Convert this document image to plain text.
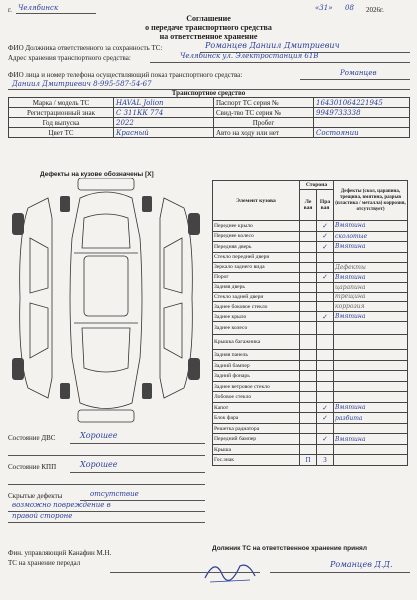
г. Челябинск	«31» 08 2026г.
Соглашение
о передаче транспортного средства
на ответственное хранение
ФИО Должника ответственного за сохранность ТС:	Романцев Даниил Дмитриевич
Адрес хранения транспортного средства:	Челябинск ул. Электростанция 61В
ФИО лица и номер телефона осуществляющий показ транспортного средства:	Романцев
Даниил Дмитриевич 8-995-587-54-67
Транспортное средство
Марка / модель ТС	HAVAL Jolion	Паспорт ТС серия №	164301064221945
Регистрационный знак	С 311КК 774	Свид-тво ТС серия №	9949733338
Год выпуска	2022	Пробег	
Цвет ТС	Красный	Авто на ходу или нет	Состоянии
Дефекты на кузове обозначены [X]
Элемент кузова	Сторона		Дефекты (скол, царапина, трещина, вмятина, разрыв (пластика / металла) коррозия, отсутствует)
	Ле вая	Пра вая	
Переднее крыло		✓	Вмятина
Переднее колесо		✓	сколотые
Передняя дверь		✓	Вмятина
Стекло передней двери			
Зеркало заднего вида			Дефекты
Порог		✓	Вмятина
Задняя дверь			царапина
Стекло задней двери			трещина
Заднее боковое стекло			коррозия
Заднее крыло		✓	Вмятина
Заднее колесо			
Крышка багажника			
Задняя панель			
Задний бампер			
Задний фонарь			
Заднее ветровое стекло			
Лобовое стекло			
Капот		✓	Вмятина
Блок фара		✓	разбита
Решетка радиатора			
Передний бампер		✓	Вмятина
Крыша			
Гос.знак	П	З	
Состояние ДВС	Хорошее
Состояние КПП	Хорошее
Скрытые дефекты	отсутствие
возможно повреждение в
правой стороне
Должник ТС на ответственное хранение принял
Фин. управляющий Канафин М.Н.
ТС на хранение передал	Романцев Д.Д.
